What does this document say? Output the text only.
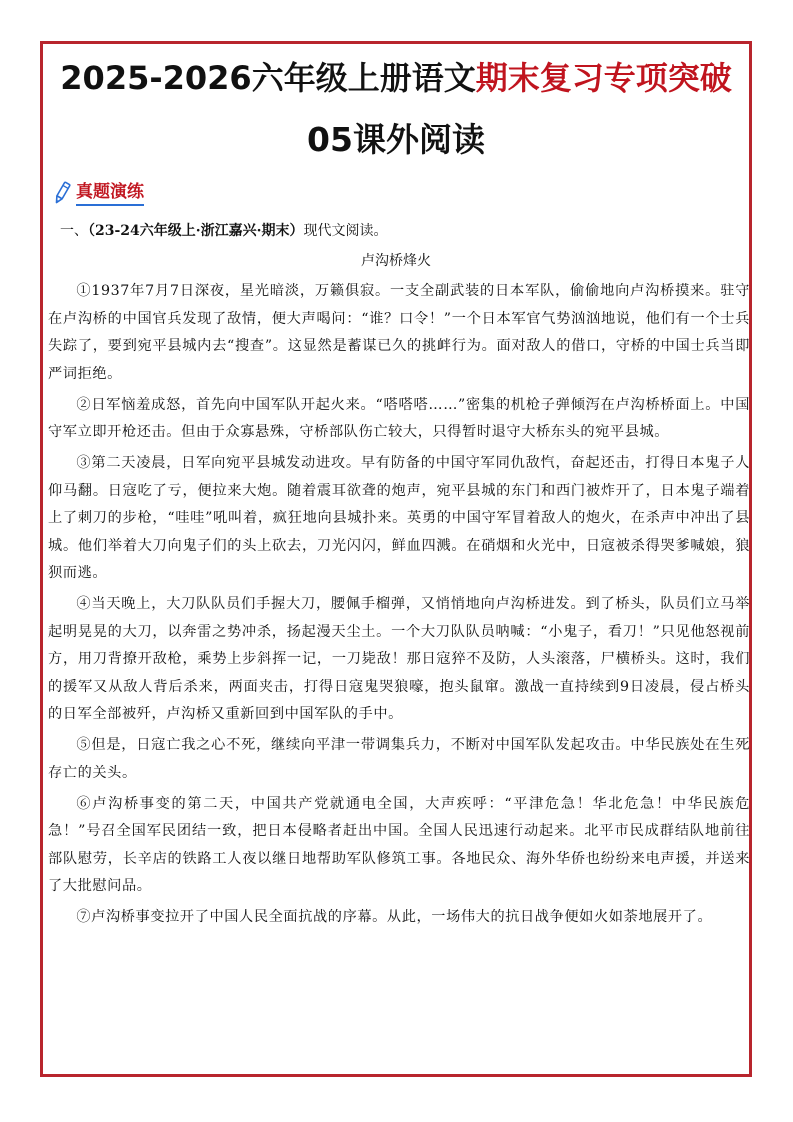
2025-2026六年级上册语文期末复习专项突破
05课外阅读
真题演练
一、（23-24六年级上·浙江嘉兴·期末）现代文阅读。
卢沟桥烽火

①1937年7月7日深夜，星光暗淡，万籁俱寂。一支全副武装的日本军队，偷偷地向卢沟桥摸来。驻守在卢沟桥的中国官兵发现了敌情，便大声喝问：“谁？口令！”一个日本军官气势汹汹地说，他们有一个士兵失踪了，要到宛平县城内去“搜查”。这显然是蓄谋已久的挑衅行为。面对敌人的借口，守桥的中国士兵当即严词拒绝。

②日军恼羞成怒，首先向中国军队开起火来。“嗒嗒嗒……”密集的机枪子弹倾泻在卢沟桥桥面上。中国守军立即开枪还击。但由于众寡悬殊，守桥部队伤亡较大，只得暂时退守大桥东头的宛平县城。

③第二天凌晨，日军向宛平县城发动进攻。早有防备的中国守军同仇敌忾，奋起还击，打得日本鬼子人仰马翻。日寇吃了亏，便拉来大炮。随着震耳欲聋的炮声，宛平县城的东门和西门被炸开了，日本鬼子端着上了刺刀的步枪，“哇哇”吼叫着，疯狂地向县城扑来。英勇的中国守军冒着敌人的炮火，在杀声中冲出了县城。他们举着大刀向鬼子们的头上砍去，刀光闪闪，鲜血四溅。在硝烟和火光中，日寇被杀得哭爹喊娘，狼狈而逃。

④当天晚上，大刀队队员们手握大刀，腰佩手榴弹，又悄悄地向卢沟桥进发。到了桥头，队员们立马举起明晃晃的大刀，以奔雷之势冲杀，扬起漫天尘土。一个大刀队队员呐喊：“小鬼子，看刀！”只见他怒视前方，用刀背撩开敌枪，乘势上步斜挥一记，一刀毙敌！那日寇猝不及防，人头滚落，尸横桥头。这时，我们的援军又从敌人背后杀来，两面夹击，打得日寇鬼哭狼嚎，抱头鼠窜。激战一直持续到9日凌晨，侵占桥头的日军全部被歼，卢沟桥又重新回到中国军队的手中。

⑤但是，日寇亡我之心不死，继续向平津一带调集兵力，不断对中国军队发起攻击。中华民族处在生死存亡的关头。

⑥卢沟桥事变的第二天，中国共产党就通电全国，大声疾呼：“平津危急！华北危急！中华民族危急！”号召全国军民团结一致，把日本侵略者赶出中国。全国人民迅速行动起来。北平市民成群结队地前往部队慰劳，长辛店的铁路工人夜以继日地帮助军队修筑工事。各地民众、海外华侨也纷纷来电声援，并送来了大批慰问品。

⑦卢沟桥事变拉开了中国人民全面抗战的序幕。从此，一场伟大的抗日战争便如火如荼地展开了。
